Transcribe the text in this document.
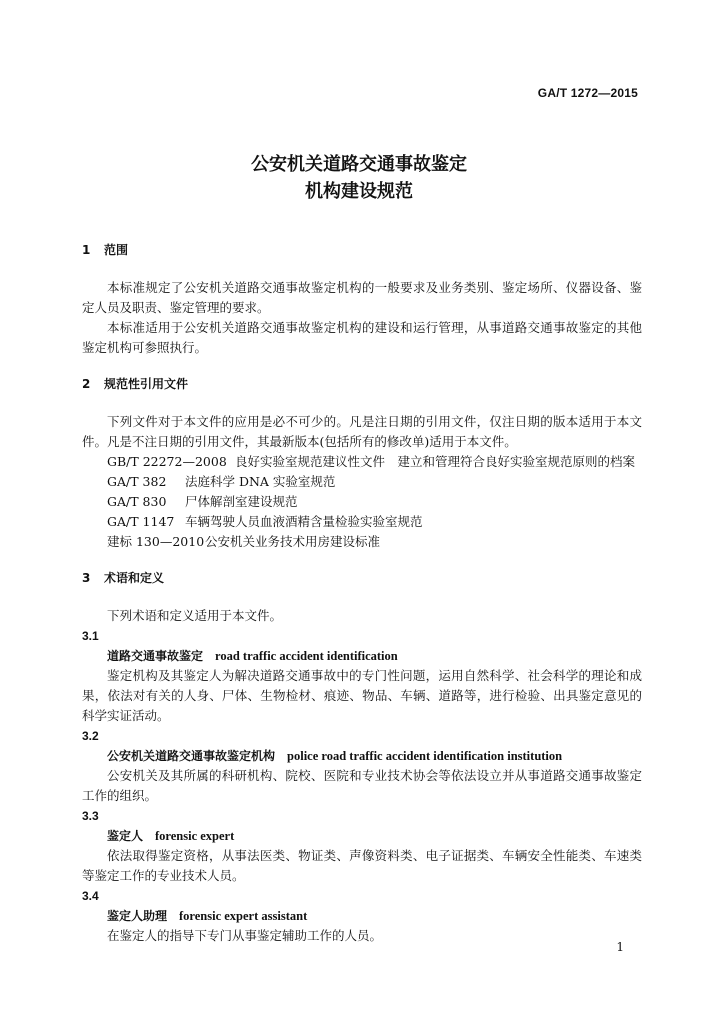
GA/T 1272—2015
公安机关道路交通事故鉴定
机构建设规范
1 范围

本标准规定了公安机关道路交通事故鉴定机构的一般要求及业务类别、鉴定场所、仪器设备、鉴定人员及职责、鉴定管理的要求。

本标准适用于公安机关道路交通事故鉴定机构的建设和运行管理，从事道路交通事故鉴定的其他鉴定机构可参照执行。

2 规范性引用文件

下列文件对于本文件的应用是必不可少的。凡是注日期的引用文件，仅注日期的版本适用于本文件。凡是不注日期的引用文件，其最新版本(包括所有的修改单)适用于本文件。

GB/T 22272—2008 良好实验室规范建议性文件　建立和管理符合良好实验室规范原则的档案

GA/T 382 法庭科学 DNA 实验室规范

GA/T 830 尸体解剖室建设规范

GA/T 1147 车辆驾驶人员血液酒精含量检验实验室规范

建标 130—2010公安机关业务技术用房建设标准

3 术语和定义

下列术语和定义适用于本文件。

3.1

道路交通事故鉴定 road traffic accident identification

鉴定机构及其鉴定人为解决道路交通事故中的专门性问题，运用自然科学、社会科学的理论和成果，依法对有关的人身、尸体、生物检材、痕迹、物品、车辆、道路等，进行检验、出具鉴定意见的科学实证活动。

3.2

公安机关道路交通事故鉴定机构 police road traffic accident identification institution

公安机关及其所属的科研机构、院校、医院和专业技术协会等依法设立并从事道路交通事故鉴定工作的组织。

3.3

鉴定人 forensic expert

依法取得鉴定资格，从事法医类、物证类、声像资料类、电子证据类、车辆安全性能类、车速类等鉴定工作的专业技术人员。

3.4

鉴定人助理 forensic expert assistant

在鉴定人的指导下专门从事鉴定辅助工作的人员。

1
